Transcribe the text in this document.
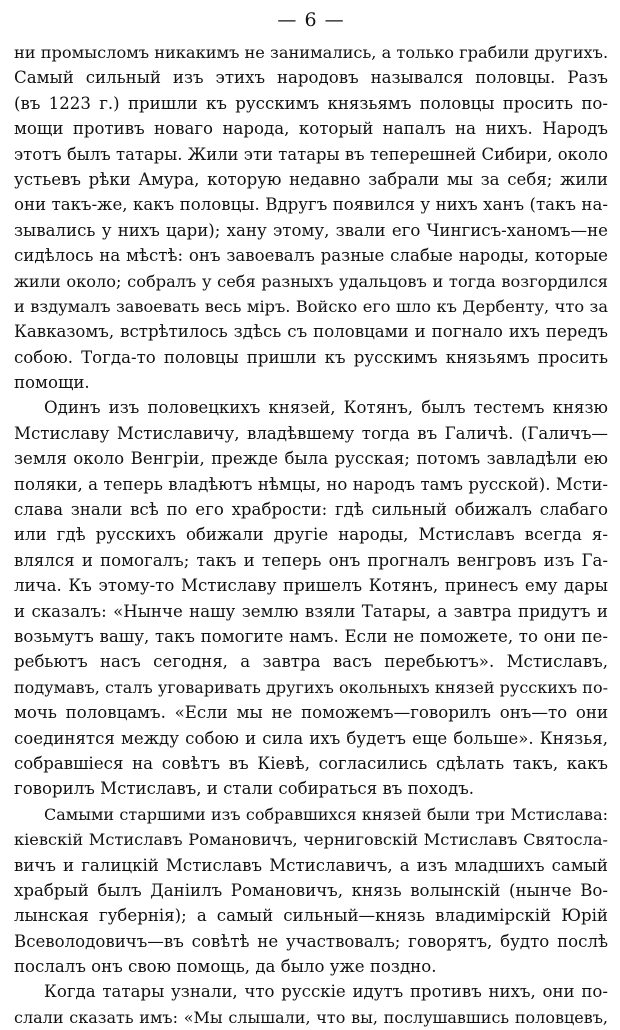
— 6 —
ни промысломъ никакимъ не занимались, а только грабили другихъ.
Самый сильный изъ этихъ народовъ назывался половцы. Разъ
(въ 1223 г.) пришли къ русскимъ князьямъ половцы просить по-
мощи противъ новаго народа, который напалъ на нихъ. Народъ
этотъ былъ татары. Жили эти татары въ теперешней Сибири, около
устьевъ рѣки Амура, которую недавно забрали мы за себя; жили
они такъ-же, какъ половцы. Вдругъ появился у нихъ ханъ (такъ на-
зывались у нихъ цари); хану этому, звали его Чингисъ-ханомъ—не
сидѣлось на мѣстѣ: онъ завоевалъ разные слабые народы, которые
жили около; собралъ у себя разныхъ удальцовъ и тогда возгордился
и вздумалъ завоевать весь міръ. Войско его шло къ Дербенту, что за
Кавказомъ, встрѣтилось здѣсь съ половцами и погнало ихъ передъ
собою. Тогда-то половцы пришли къ русскимъ князьямъ просить
помощи.
Одинъ изъ половецкихъ князей, Котянъ, былъ тестемъ князю
Мстиславу Мстиславичу, владѣвшему тогда въ Галичѣ. (Галичъ—
земля около Венгріи, прежде была русская; потомъ завладѣли ею
поляки, а теперь владѣютъ нѣмцы, но народъ тамъ русской). Мсти-
слава знали всѣ по его храбрости: гдѣ сильный обижалъ слабаго
или гдѣ русскихъ обижали другіе народы, Мстиславъ всегда я-
влялся и помогалъ; такъ и теперь онъ прогналъ венгровъ изъ Га-
лича. Къ этому-то Мстиславу пришелъ Котянъ, принесъ ему дары
и сказалъ: «Нынче нашу землю взяли Татары, а завтра придутъ и
возьмутъ вашу, такъ помогите намъ. Если не поможете, то они пе-
ребьютъ насъ сегодня, а завтра васъ перебьютъ». Мстиславъ,
подумавъ, сталъ уговаривать другихъ окольныхъ князей русскихъ по-
мочь половцамъ. «Если мы не поможемъ—говорилъ онъ—то они
соединятся между собою и сила ихъ будетъ еще больше». Князья,
собравшіеся на совѣтъ въ Кіевѣ, согласились сдѣлать такъ, какъ
говорилъ Мстиславъ, и стали собираться въ походъ.
Самыми старшими изъ собравшихся князей были три Мстислава:
кіевскій Мстиславъ Романовичъ, черниговскій Мстиславъ Святосла-
вичъ и галицкій Мстиславъ Мстиславичъ, а изъ младшихъ самый
храбрый былъ Даніилъ Романовичъ, князь волынскій (нынче Во-
лынская губернія); а самый сильный—князь владимірскій Юрій
Всеволодовичъ—въ совѣтѣ не участвовалъ; говорятъ, будто послѣ
послалъ онъ свою помощь, да было уже поздно.
Когда татары узнали, что русскіе идутъ противъ нихъ, они по-
слали сказать имъ: «Мы слышали, что вы, послушавшись половцевъ,
